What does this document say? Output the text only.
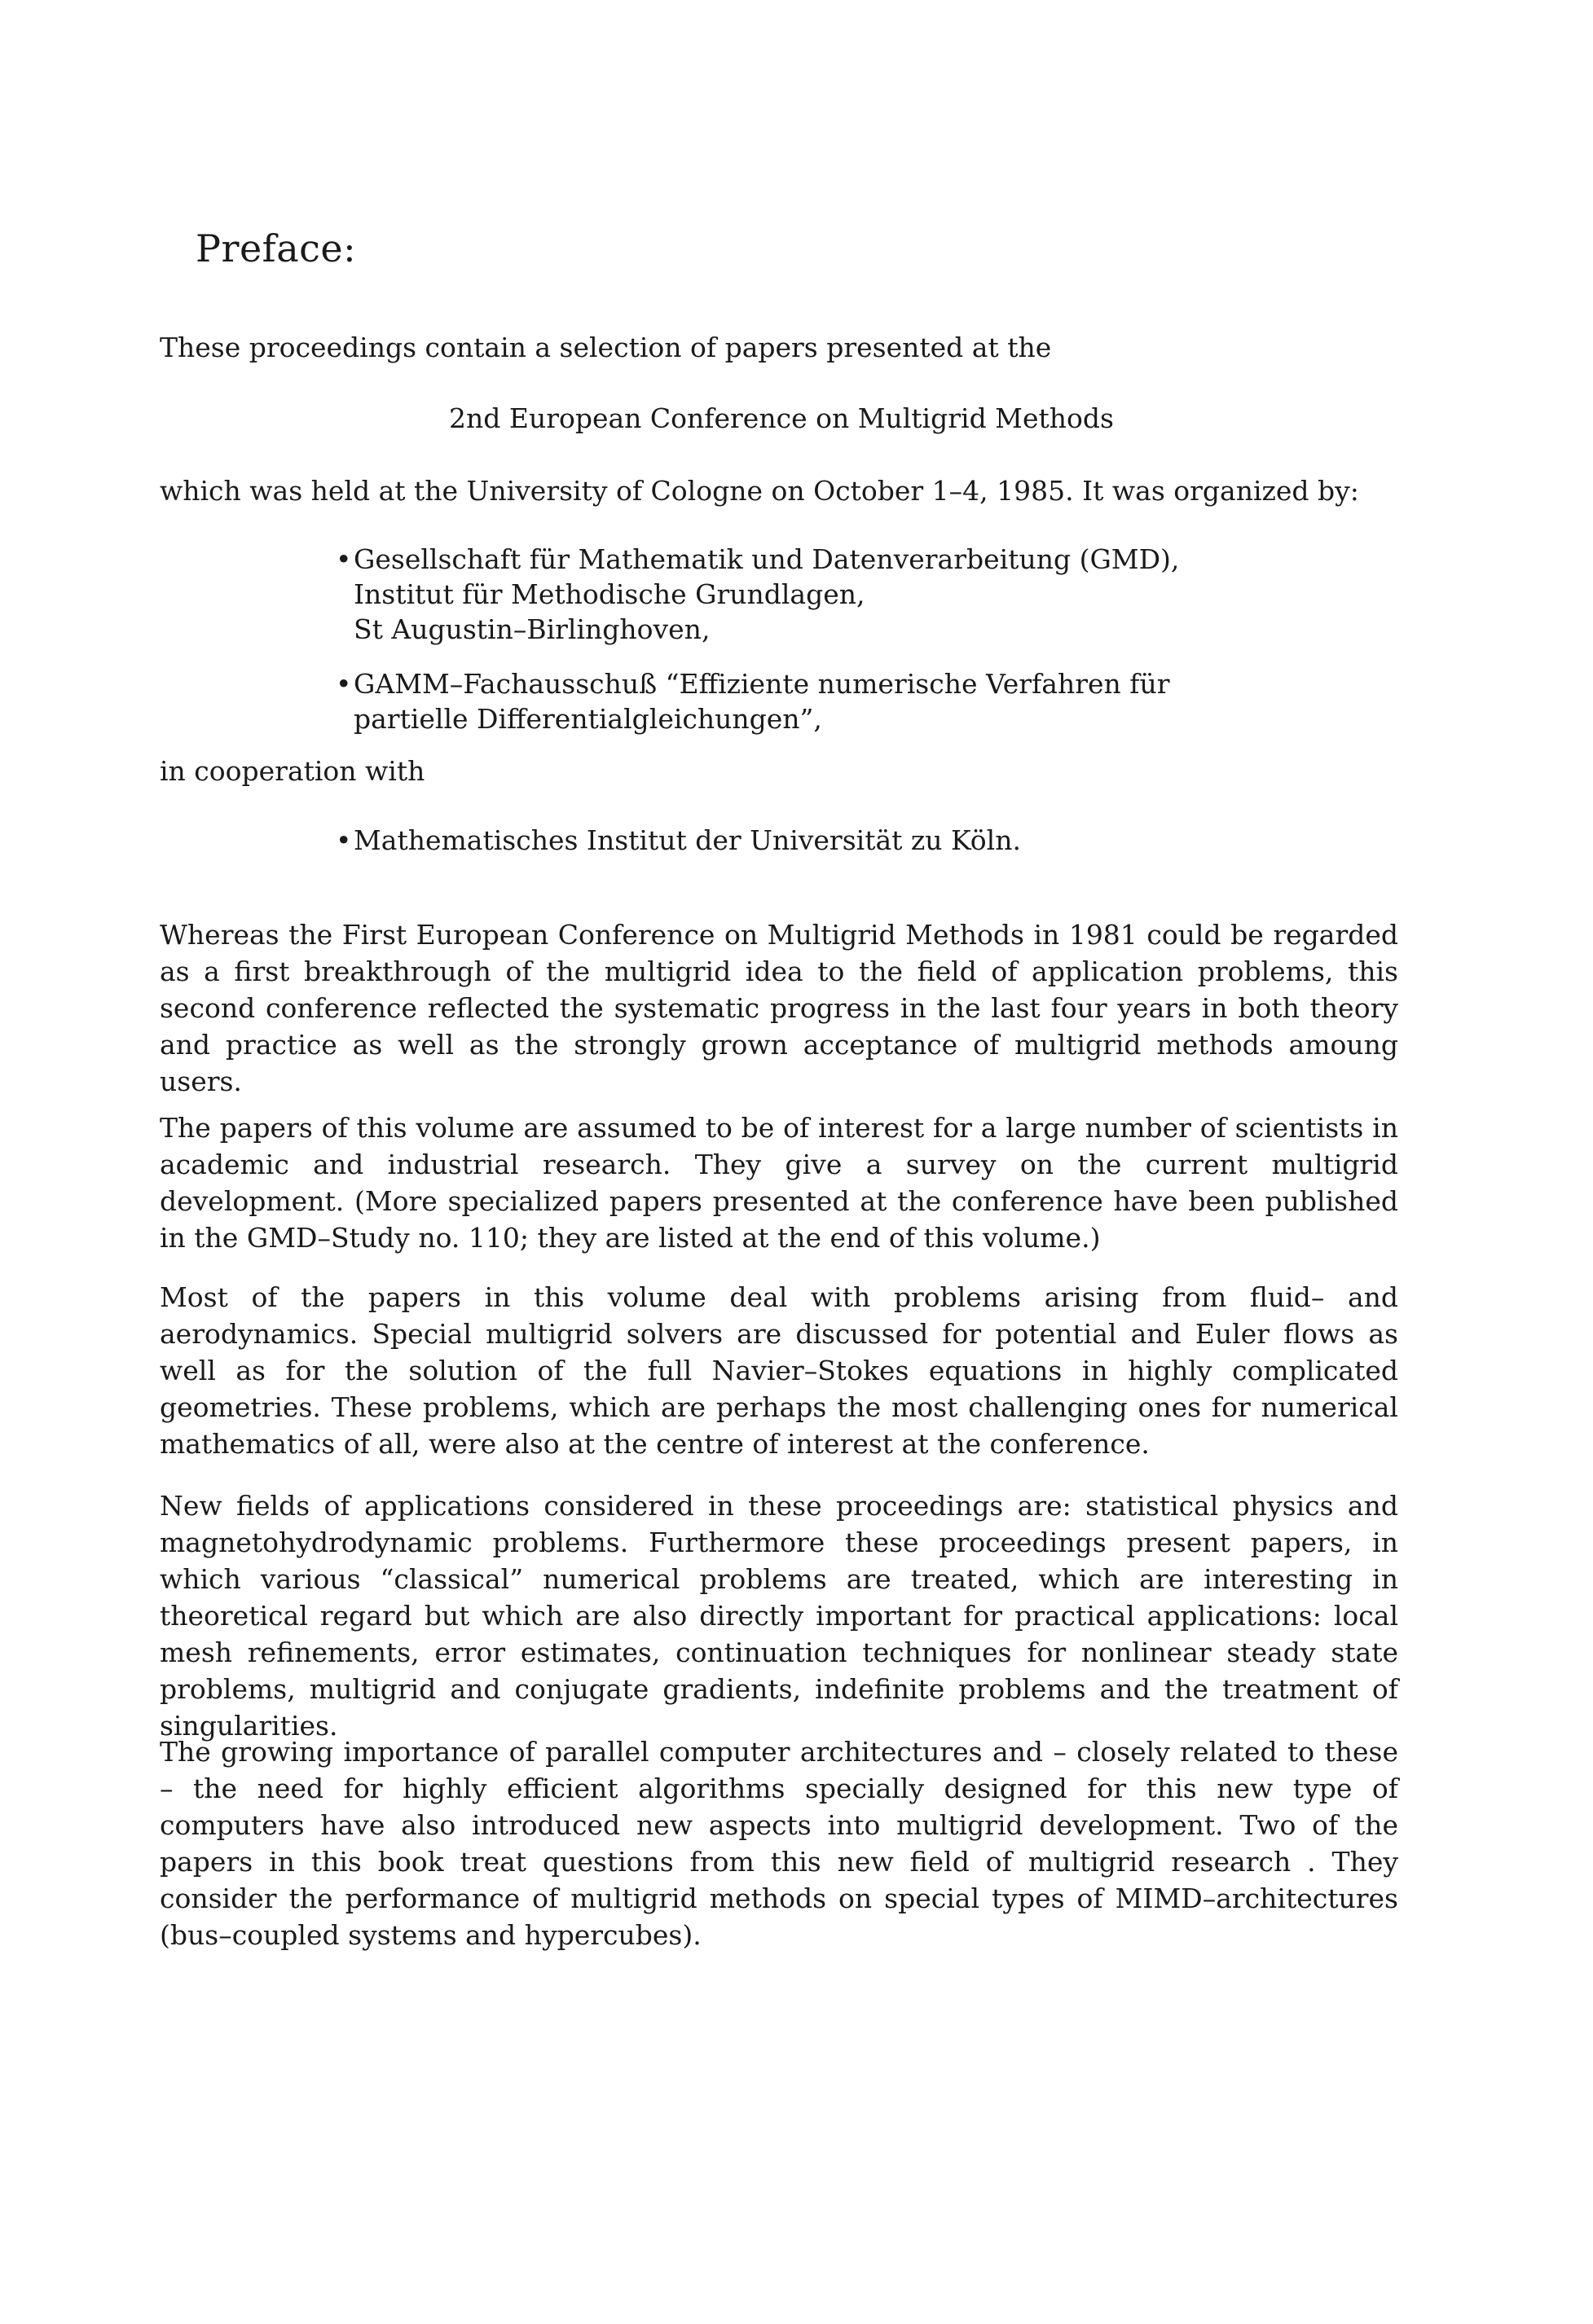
Preface:

These proceedings contain a selection of papers presented at the

2nd European Conference on Multigrid Methods

which was held at the University of Cologne on October 1–4, 1985. It was organized by:

• Gesellschaft für Mathematik und Datenverarbeitung (GMD),
Institut für Methodische Grundlagen,
St Augustin–Birlinghoven,

• GAMM–Fachausschuß “Effiziente numerische Verfahren für
partielle Differentialgleichungen”,

in cooperation with

• Mathematisches Institut der Universität zu Köln.

Whereas the First European Conference on Multigrid Methods in 1981 could be regarded as a first breakthrough of the multigrid idea to the field of application problems, this second conference reflected the systematic progress in the last four years in both theory and practice as well as the strongly grown acceptance of multigrid methods amoung users.

The papers of this volume are assumed to be of interest for a large number of scientists in academic and industrial research. They give a survey on the current multigrid development. (More specialized papers presented at the conference have been published in the GMD–Study no. 110; they are listed at the end of this volume.)

Most of the papers in this volume deal with problems arising from fluid– and aerodynamics. Special multigrid solvers are discussed for potential and Euler flows as well as for the solution of the full Navier–Stokes equations in highly complicated geometries. These problems, which are perhaps the most challenging ones for numerical mathematics of all, were also at the centre of interest at the conference.

New fields of applications considered in these proceedings are: statistical physics and magnetohydrodynamic problems. Furthermore these proceedings present papers, in which various “classical” numerical problems are treated, which are interesting in theoretical regard but which are also directly important for practical applications: local mesh refinements, error estimates, continuation techniques for nonlinear steady state problems, multigrid and conjugate gradients, indefinite problems and the treatment of singularities.

The growing importance of parallel computer architectures and – closely related to these – the need for highly efficient algorithms specially designed for this new type of computers have also introduced new aspects into multigrid development. Two of the papers in this book treat questions from this new field of multigrid research . They consider the performance of multigrid methods on special types of MIMD–architectures (bus–coupled systems and hypercubes).
